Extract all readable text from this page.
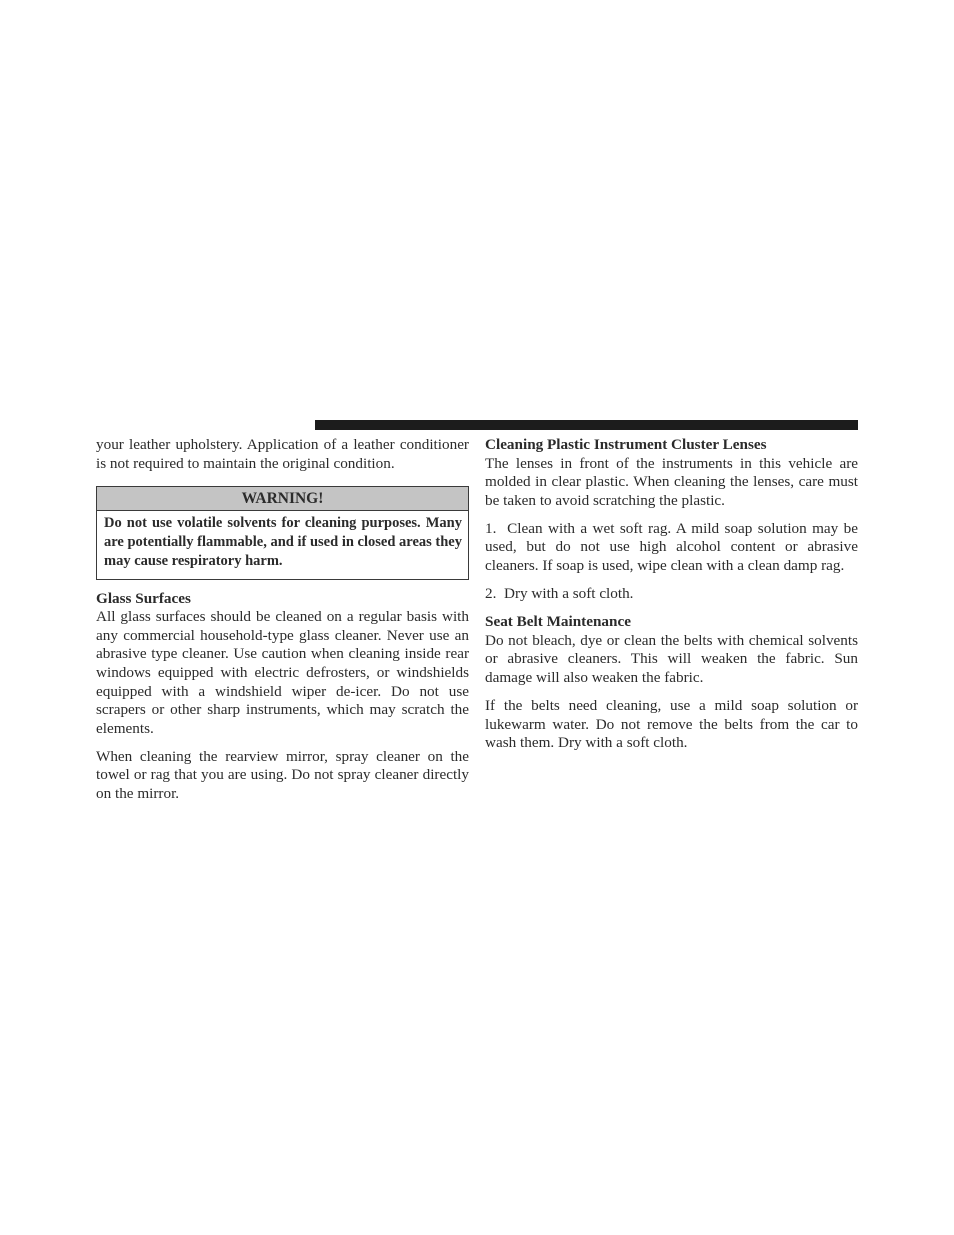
your leather upholstery. Application of a leather conditioner is not required to maintain the original condition.

WARNING!
Do not use volatile solvents for cleaning purposes. Many are potentially flammable, and if used in closed areas they may cause respiratory harm.
Glass Surfaces

All glass surfaces should be cleaned on a regular basis with any commercial household-type glass cleaner. Never use an abrasive type cleaner. Use caution when cleaning inside rear windows equipped with electric defrosters, or windshields equipped with a windshield wiper de-icer. Do not use scrapers or other sharp instruments, which may scratch the elements.

When cleaning the rearview mirror, spray cleaner on the towel or rag that you are using. Do not spray cleaner directly on the mirror.

Cleaning Plastic Instrument Cluster Lenses

The lenses in front of the instruments in this vehicle are molded in clear plastic. When cleaning the lenses, care must be taken to avoid scratching the plastic.

1.  Clean with a wet soft rag. A mild soap solution may be used, but do not use high alcohol content or abrasive cleaners. If soap is used, wipe clean with a clean damp rag.

2.  Dry with a soft cloth.

Seat Belt Maintenance

Do not bleach, dye or clean the belts with chemical solvents or abrasive cleaners. This will weaken the fabric. Sun damage will also weaken the fabric.

If the belts need cleaning, use a mild soap solution or lukewarm water. Do not remove the belts from the car to wash them. Dry with a soft cloth.
